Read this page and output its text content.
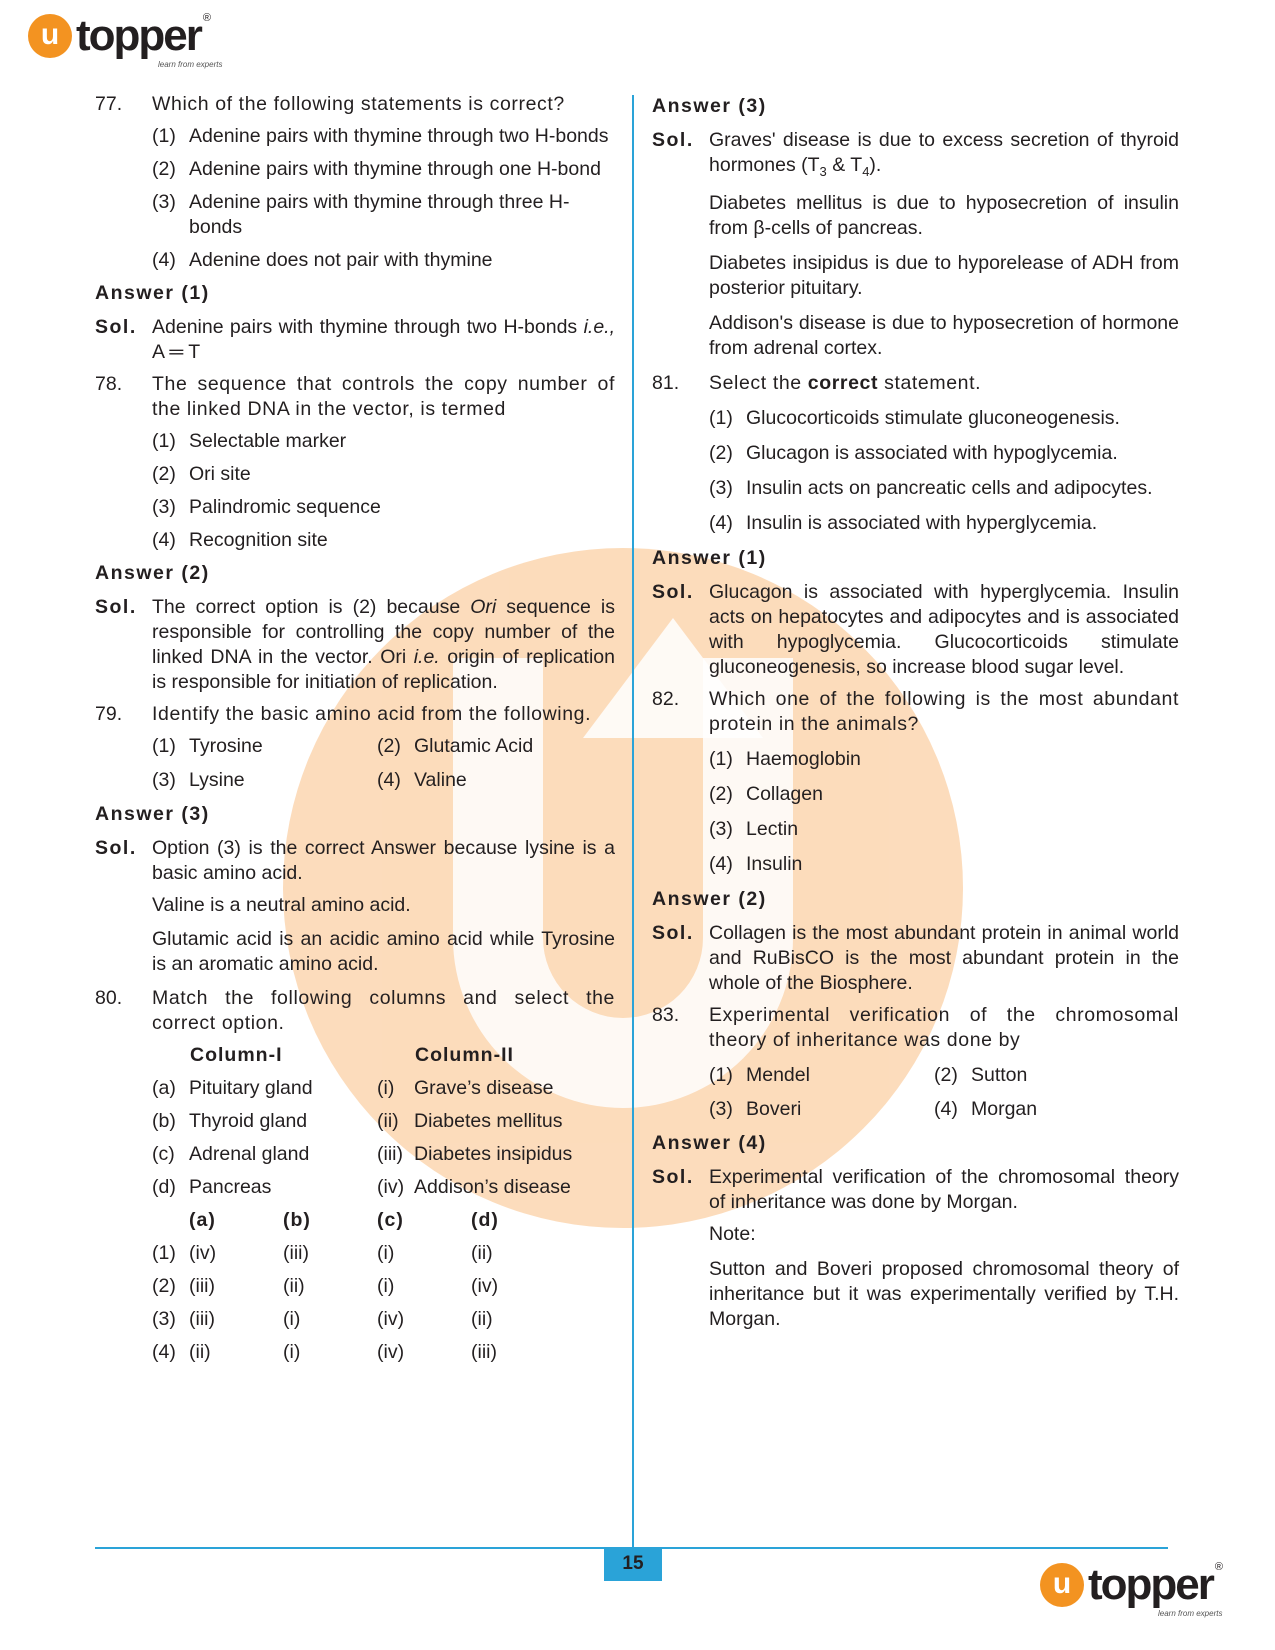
u topper ®
learn from experts
15
u topper ®
learn from experts
77.	Which of the following statements is correct?
(1) Adenine pairs with thymine through two H-bonds
(2) Adenine pairs with thymine through one H-bond
(3) Adenine pairs with thymine through three H-bonds
(4) Adenine does not pair with thymine
Answer (1)
Sol. Adenine pairs with thymine through two H-bonds i.e., A ═ T
78.	The sequence that controls the copy number of the linked DNA in the vector, is termed
(1) Selectable marker
(2) Ori site
(3) Palindromic sequence
(4) Recognition site
Answer (2)
Sol. The correct option is (2) because Ori sequence is responsible for controlling the copy number of the linked DNA in the vector. Ori i.e. origin of replication is responsible for initiation of replication.
79.	Identify the basic amino acid from the following.
(1) Tyrosine	(2) Glutamic Acid
(3) Lysine	(4) Valine
Answer (3)
Sol. Option (3) is the correct Answer because lysine is a basic amino acid.
Valine is a neutral amino acid.
Glutamic acid is an acidic amino acid while Tyrosine is an aromatic amino acid.
80.	Match the following columns and select the correct option.
Column-I	Column-II
(a) Pituitary gland	(i)	Grave’s disease
(b) Thyroid gland	(ii) Diabetes mellitus
(c) Adrenal gland	(iii) Diabetes insipidus
(d) Pancreas	(iv) Addison’s disease
(a)	(b)	(c)	(d)
(1) (iv)	(iii)	(i)	(ii)
(2) (iii)	(ii)	(i)	(iv)
(3) (iii)	(i)	(iv)	(ii)
(4) (ii)	(i)	(iv)	(iii)
Answer (3)
Sol. Graves' disease is due to excess secretion of thyroid hormones ($T_3$ & $T_4$).
Diabetes mellitus is due to hyposecretion of insulin from β-cells of pancreas.
Diabetes insipidus is due to hyporelease of ADH from posterior pituitary.
Addison's disease is due to hyposecretion of hormone from adrenal cortex.
81.	Select the correct statement.
(1) Glucocorticoids stimulate gluconeogenesis.
(2) Glucagon is associated with hypoglycemia.
(3) Insulin acts on pancreatic cells and adipocytes.
(4) Insulin is associated with hyperglycemia.
Answer (1)
Sol. Glucagon is associated with hyperglycemia. Insulin acts on hepatocytes and adipocytes and is associated with hypoglycemia. Glucocorticoids stimulate gluconeogenesis, so increase blood sugar level.
82.	Which one of the following is the most abundant protein in the animals?
(1) Haemoglobin
(2) Collagen
(3) Lectin
(4) Insulin
Answer (2)
Sol. Collagen is the most abundant protein in animal world and RuBisCO is the most abundant protein in the whole of the Biosphere.
83.	Experimental verification of the chromosomal theory of inheritance was done by
(1) Mendel	(2) Sutton
(3) Boveri	(4) Morgan
Answer (4)
Sol. Experimental verification of the chromosomal theory of inheritance was done by Morgan.
Note:
Sutton and Boveri proposed chromosomal theory of inheritance but it was experimentally verified by T.H. Morgan.
